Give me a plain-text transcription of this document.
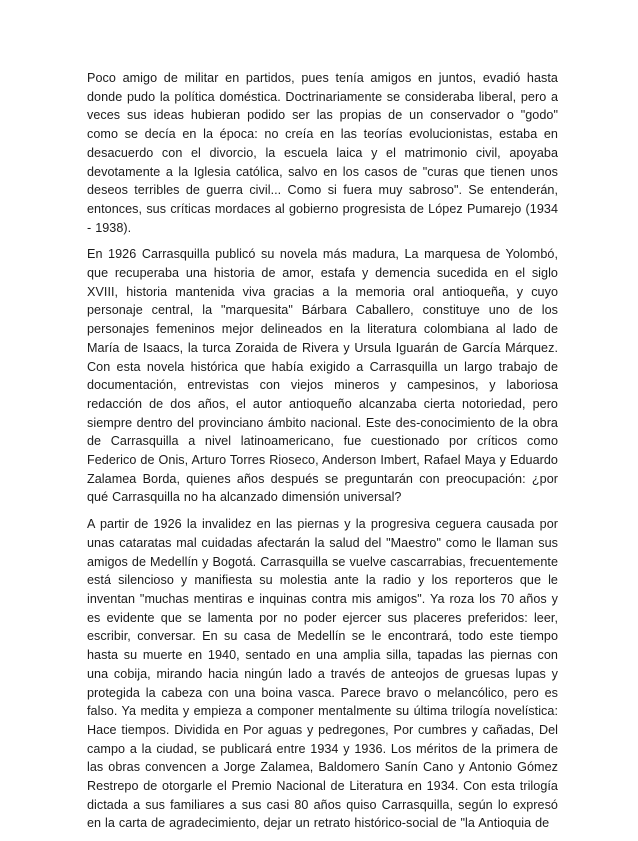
Poco amigo de militar en partidos, pues tenía amigos en juntos, evadió hasta donde pudo la política doméstica. Doctrinariamente se consideraba liberal, pero a veces sus ideas hubieran podido ser las propias de un conservador o "godo" como se decía en la época: no creía en las teorías evolucionistas, estaba en desacuerdo con el divorcio, la escuela laica y el matrimonio civil, apoyaba devotamente a la Iglesia católica, salvo en los casos de "curas que tienen unos deseos terribles de guerra civil... Como si fuera muy sabroso". Se entenderán, entonces, sus críticas mordaces al gobierno progresista de López Pumarejo (1934 - 1938).

En 1926 Carrasquilla publicó su novela más madura, La marquesa de Yolombó, que recuperaba una historia de amor, estafa y demencia sucedida en el siglo XVIII, historia mantenida viva gracias a la memoria oral antioqueña, y cuyo personaje central, la "marquesita" Bárbara Caballero, constituye uno de los personajes femeninos mejor delineados en la literatura colombiana al lado de María de Isaacs, la turca Zoraida de Rivera y Ursula Iguarán de García Márquez. Con esta novela histórica que había exigido a Carrasquilla un largo trabajo de documentación, entrevistas con viejos mineros y campesinos, y laboriosa redacción de dos años, el autor antioqueño alcanzaba cierta notoriedad, pero siempre dentro del provinciano ámbito nacional. Este des-conocimiento de la obra de Carrasquilla a nivel latinoamericano, fue cuestionado por críticos como Federico de Onis, Arturo Torres Rioseco, Anderson Imbert, Rafael Maya y Eduardo Zalamea Borda, quienes años después se preguntarán con preocupación: ¿por qué Carrasquilla no ha alcanzado dimensión universal?

A partir de 1926 la invalidez en las piernas y la progresiva ceguera causada por unas cataratas mal cuidadas afectarán la salud del "Maestro" como le llaman sus amigos de Medellín y Bogotá. Carrasquilla se vuelve cascarrabias, frecuentemente está silencioso y manifiesta su molestia ante la radio y los reporteros que le inventan "muchas mentiras e inquinas contra mis amigos". Ya roza los 70 años y es evidente que se lamenta por no poder ejercer sus placeres preferidos: leer, escribir, conversar. En su casa de Medellín se le encontrará, todo este tiempo hasta su muerte en 1940, sentado en una amplia silla, tapadas las piernas con una cobija, mirando hacia ningún lado a través de anteojos de gruesas lupas y protegida la cabeza con una boina vasca. Parece bravo o melancólico, pero es falso. Ya medita y empieza a componer mentalmente su última trilogía novelística: Hace tiempos. Dividida en Por aguas y pedregones, Por cumbres y cañadas, Del campo a la ciudad, se publicará entre 1934 y 1936. Los méritos de la primera de las obras convencen a Jorge Zalamea, Baldomero Sanín Cano y Antonio Gómez Restrepo de otorgarle el Premio Nacional de Literatura en 1934. Con esta trilogía dictada a sus familiares a sus casi 80 años quiso Carrasquilla, según lo expresó en la carta de agradecimiento, dejar un retrato histórico-social de "la Antioquia de
